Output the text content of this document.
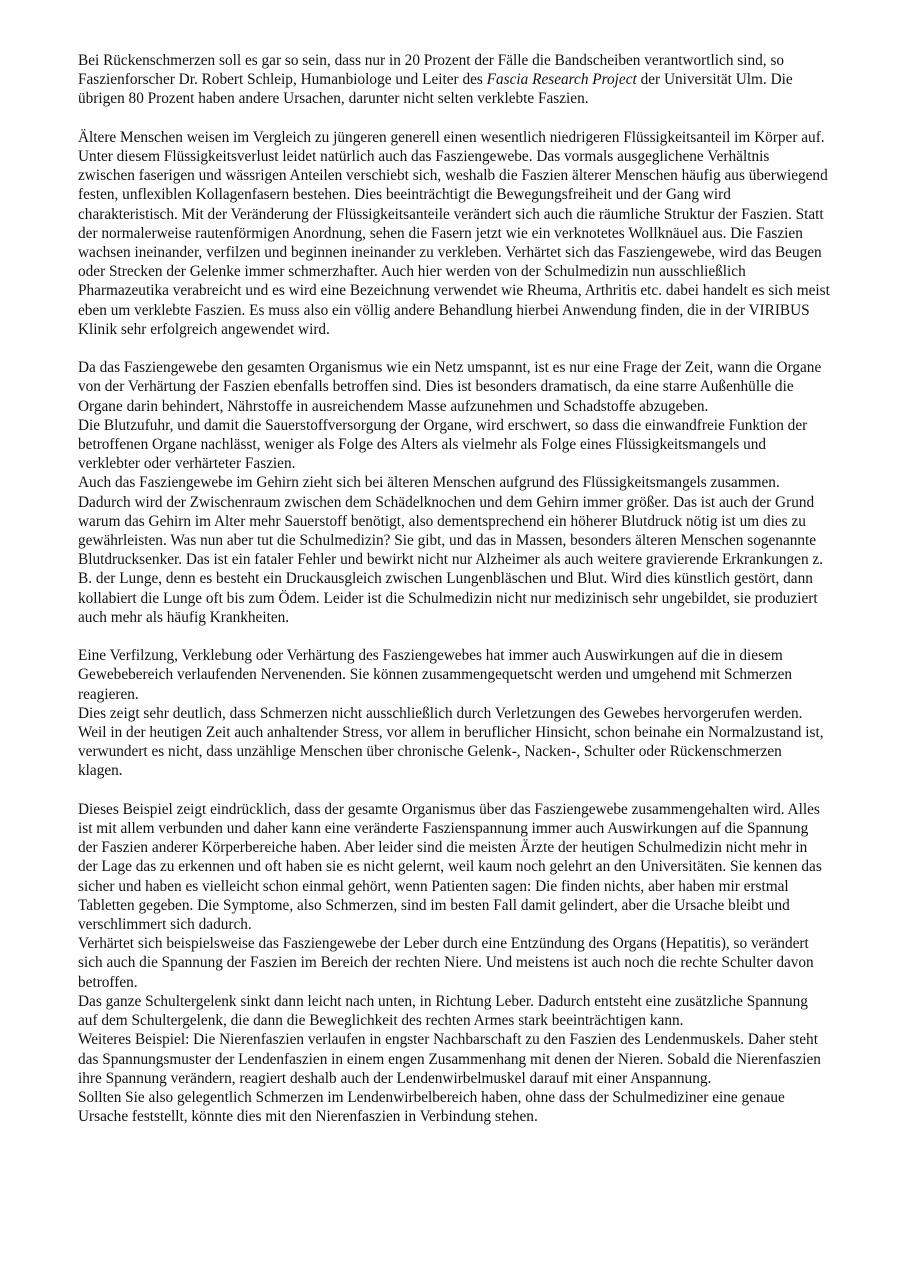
Bei Rückenschmerzen soll es gar so sein, dass nur in 20 Prozent der Fälle die Bandscheiben verantwortlich sind, so Faszienforscher Dr. Robert Schleip, Humanbiologe und Leiter des Fascia Research Project der Universität Ulm. Die übrigen 80 Prozent haben andere Ursachen, darunter nicht selten verklebte Faszien.

Ältere Menschen weisen im Vergleich zu jüngeren generell einen wesentlich niedrigeren Flüssigkeitsanteil im Körper auf. Unter diesem Flüssigkeitsverlust leidet natürlich auch das Fasziengewebe. Das vormals ausgeglichene Verhältnis zwischen faserigen und wässrigen Anteilen verschiebt sich, weshalb die Faszien älterer Menschen häufig aus überwiegend festen, unflexiblen Kollagenfasern bestehen. Dies beeinträchtigt die Bewegungsfreiheit und der Gang wird charakteristisch. Mit der Veränderung der Flüssigkeitsanteile verändert sich auch die räumliche Struktur der Faszien. Statt der normalerweise rautenförmigen Anordnung, sehen die Fasern jetzt wie ein verknotetes Wollknäuel aus. Die Faszien wachsen ineinander, verfilzen und beginnen ineinander zu verkleben. Verhärtet sich das Fasziengewebe, wird das Beugen oder Strecken der Gelenke immer schmerzhafter. Auch hier werden von der Schulmedizin nun ausschließlich Pharmazeutika verabreicht und es wird eine Bezeichnung verwendet wie Rheuma, Arthritis etc. dabei handelt es sich meist eben um verklebte Faszien. Es muss also ein völlig andere Behandlung hierbei Anwendung finden, die in der VIRIBUS Klinik sehr erfolgreich angewendet wird.

Da das Fasziengewebe den gesamten Organismus wie ein Netz umspannt, ist es nur eine Frage der Zeit, wann die Organe von der Verhärtung der Faszien ebenfalls betroffen sind. Dies ist besonders dramatisch, da eine starre Außenhülle die Organe darin behindert, Nährstoffe in ausreichendem Masse aufzunehmen und Schadstoffe abzugeben.

Die Blutzufuhr, und damit die Sauerstoffversorgung der Organe, wird erschwert, so dass die einwandfreie Funktion der betroffenen Organe nachlässt, weniger als Folge des Alters als vielmehr als Folge eines Flüssigkeitsmangels und verklebter oder verhärteter Faszien.

Auch das Fasziengewebe im Gehirn zieht sich bei älteren Menschen aufgrund des Flüssigkeitsmangels zusammen. Dadurch wird der Zwischenraum zwischen dem Schädelknochen und dem Gehirn immer größer. Das ist auch der Grund warum das Gehirn im Alter mehr Sauerstoff benötigt, also dementsprechend ein höherer Blutdruck nötig ist um dies zu gewährleisten. Was nun aber tut die Schulmedizin? Sie gibt, und das in Massen, besonders älteren Menschen sogenannte Blutdrucksenker. Das ist ein fataler Fehler und bewirkt nicht nur Alzheimer als auch weitere gravierende Erkrankungen z. B. der Lunge, denn es besteht ein Druckausgleich zwischen Lungenbläschen und Blut. Wird dies künstlich gestört, dann kollabiert die Lunge oft bis zum Ödem. Leider ist die Schulmedizin nicht nur medizinisch sehr ungebildet, sie produziert auch mehr als häufig Krankheiten.

Eine Verfilzung, Verklebung oder Verhärtung des Fasziengewebes hat immer auch Auswirkungen auf die in diesem Gewebebereich verlaufenden Nervenenden. Sie können zusammengequetscht werden und umgehend mit Schmerzen reagieren.

Dies zeigt sehr deutlich, dass Schmerzen nicht ausschließlich durch Verletzungen des Gewebes hervorgerufen werden. Weil in der heutigen Zeit auch anhaltender Stress, vor allem in beruflicher Hinsicht, schon beinahe ein Normalzustand ist, verwundert es nicht, dass unzählige Menschen über chronische Gelenk-, Nacken-, Schulter oder Rückenschmerzen klagen.

Dieses Beispiel zeigt eindrücklich, dass der gesamte Organismus über das Fasziengewebe zusammengehalten wird. Alles ist mit allem verbunden und daher kann eine veränderte Faszienspannung immer auch Auswirkungen auf die Spannung der Faszien anderer Körperbereiche haben. Aber leider sind die meisten Ärzte der heutigen Schulmedizin nicht mehr in der Lage das zu erkennen und oft haben sie es nicht gelernt, weil kaum noch gelehrt an den Universitäten. Sie kennen das sicher und haben es vielleicht schon einmal gehört, wenn Patienten sagen: Die finden nichts, aber haben mir erstmal Tabletten gegeben. Die Symptome, also Schmerzen, sind im besten Fall damit gelindert, aber die Ursache bleibt und verschlimmert sich dadurch.

Verhärtet sich beispielsweise das Fasziengewebe der Leber durch eine Entzündung des Organs (Hepatitis), so verändert sich auch die Spannung der Faszien im Bereich der rechten Niere. Und meistens ist auch noch die rechte Schulter davon betroffen.

Das ganze Schultergelenk sinkt dann leicht nach unten, in Richtung Leber. Dadurch entsteht eine zusätzliche Spannung auf dem Schultergelenk, die dann die Beweglichkeit des rechten Armes stark beeinträchtigen kann.

Weiteres Beispiel: Die Nierenfaszien verlaufen in engster Nachbarschaft zu den Faszien des Lendenmuskels. Daher steht das Spannungsmuster der Lendenfaszien in einem engen Zusammenhang mit denen der Nieren. Sobald die Nierenfaszien ihre Spannung verändern, reagiert deshalb auch der Lendenwirbelmuskel darauf mit einer Anspannung.

Sollten Sie also gelegentlich Schmerzen im Lendenwirbelbereich haben, ohne dass der Schulmediziner eine genaue Ursache feststellt, könnte dies mit den Nierenfaszien in Verbindung stehen.
